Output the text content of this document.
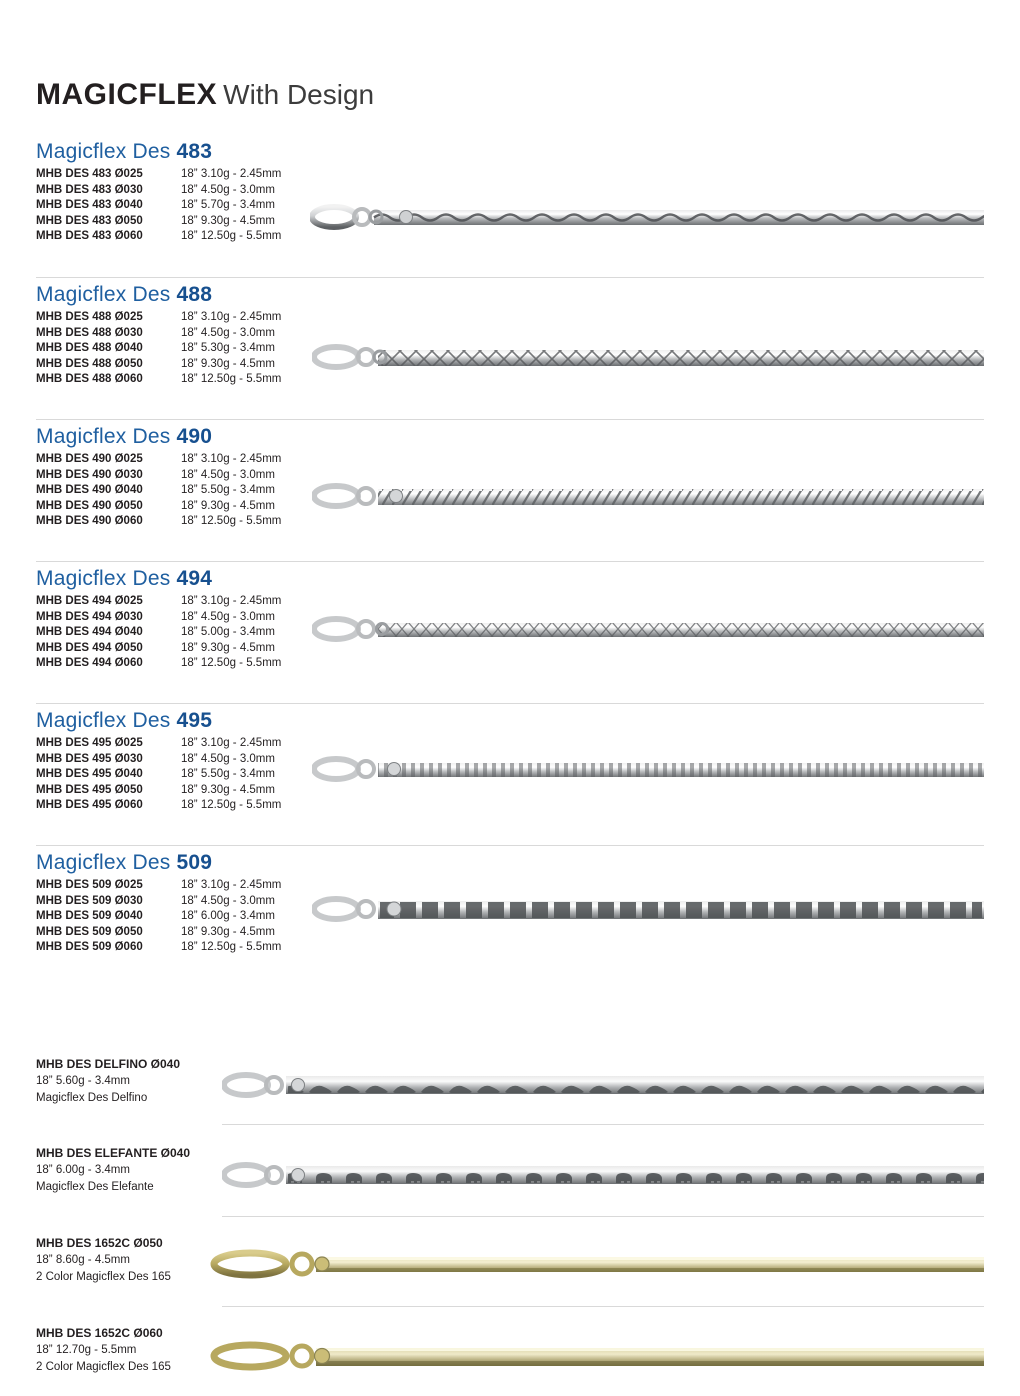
MAGICFLEX With Design
Magicflex Des 483
MHB DES 483 Ø025	18” 3.10g - 2.45mm
MHB DES 483 Ø030	18” 4.50g - 3.0mm
MHB DES 483 Ø040	18” 5.70g - 3.4mm
MHB DES 483 Ø050	18” 9.30g - 4.5mm
MHB DES 483 Ø060	18” 12.50g - 5.5mm
Magicflex Des 488
MHB DES 488 Ø025	18” 3.10g - 2.45mm
MHB DES 488 Ø030	18” 4.50g - 3.0mm
MHB DES 488 Ø040	18” 5.30g - 3.4mm
MHB DES 488 Ø050	18” 9.30g - 4.5mm
MHB DES 488 Ø060	18” 12.50g - 5.5mm
Magicflex Des 490
MHB DES 490 Ø025	18” 3.10g - 2.45mm
MHB DES 490 Ø030	18” 4.50g - 3.0mm
MHB DES 490 Ø040	18” 5.50g - 3.4mm
MHB DES 490 Ø050	18” 9.30g - 4.5mm
MHB DES 490 Ø060	18” 12.50g - 5.5mm
Magicflex Des 494
MHB DES 494 Ø025	18” 3.10g - 2.45mm
MHB DES 494 Ø030	18” 4.50g - 3.0mm
MHB DES 494 Ø040	18” 5.00g - 3.4mm
MHB DES 494 Ø050	18” 9.30g - 4.5mm
MHB DES 494 Ø060	18” 12.50g - 5.5mm
Magicflex Des 495
MHB DES 495 Ø025	18” 3.10g - 2.45mm
MHB DES 495 Ø030	18” 4.50g - 3.0mm
MHB DES 495 Ø040	18” 5.50g - 3.4mm
MHB DES 495 Ø050	18” 9.30g - 4.5mm
MHB DES 495 Ø060	18” 12.50g - 5.5mm
Magicflex Des 509
MHB DES 509 Ø025	18” 3.10g - 2.45mm
MHB DES 509 Ø030	18” 4.50g - 3.0mm
MHB DES 509 Ø040	18” 6.00g - 3.4mm
MHB DES 509 Ø050	18” 9.30g - 4.5mm
MHB DES 509 Ø060	18” 12.50g - 5.5mm
MHB DES DELFINO Ø040
18” 5.60g - 3.4mm
Magicflex Des Delfino
MHB DES ELEFANTE Ø040
18” 6.00g - 3.4mm
Magicflex Des Elefante
MHB DES 1652C Ø050
18” 8.60g - 4.5mm
2 Color Magicflex Des 165
MHB DES 1652C Ø060
18” 12.70g - 5.5mm
2 Color Magicflex Des 165
